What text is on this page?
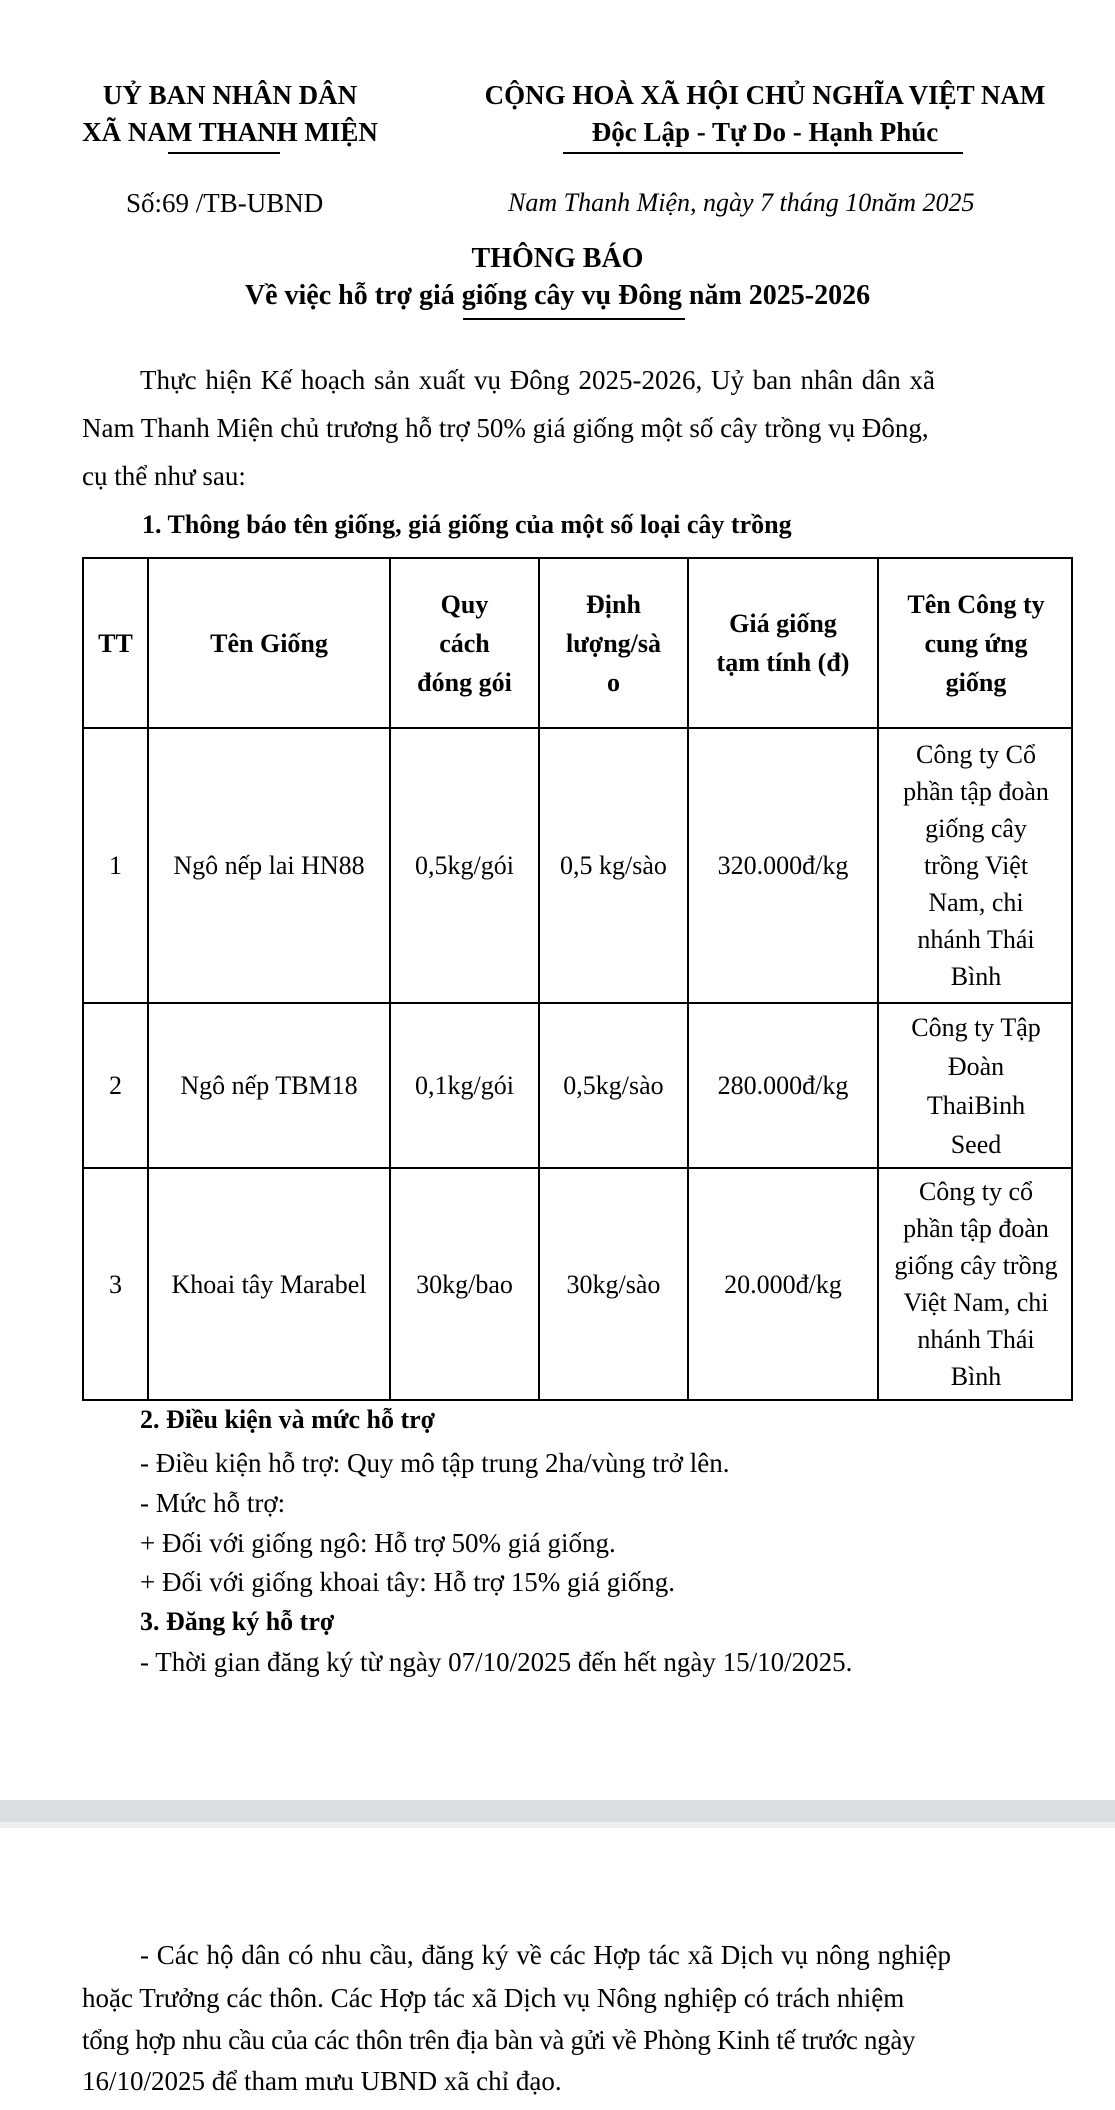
UỶ BAN NHÂN DÂN
XÃ NAM THANH MIỆN
CỘNG HOÀ XÃ HỘI CHỦ NGHĨA VIỆT NAM
Độc Lập - Tự Do - Hạnh Phúc
Số:69 /TB-UBND	Nam Thanh Miện, ngày 7 tháng 10năm 2025
THÔNG BÁO
Về việc hỗ trợ giá giống cây vụ Đông năm 2025-2026
Thực hiện Kế hoạch sản xuất vụ Đông 2025-2026, Uỷ ban nhân dân xã
Nam Thanh Miện chủ trương hỗ trợ 50% giá giống một số cây trồng vụ Đông,
cụ thể như sau:
1. Thông báo tên giống, giá giống của một số loại cây trồng
TT	Tên Giống
Quy
cách
đóng gói
Định
lượng/sà
o
Giá giống
tạm tính (đ)
Tên Công ty
cung ứng
giống
1 Ngô nếp lai HN88 0,5kg/gói 0,5 kg/sào 320.000đ/kg
Công ty Cổ
phần tập đoàn
giống cây
trồng Việt
Nam, chi
nhánh Thái
Bình
2 Ngô nếp TBM18 0,1kg/gói 0,5kg/sào 280.000đ/kg
Công ty Tập
Đoàn
ThaiBinh
Seed
3 Khoai tây Marabel 30kg/bao 30kg/sào 20.000đ/kg
Công ty cổ
phần tập đoàn
giống cây trồng
Việt Nam, chi
nhánh Thái
Bình
2. Điều kiện và mức hỗ trợ
- Điều kiện hỗ trợ: Quy mô tập trung 2ha/vùng trở lên.
- Mức hỗ trợ:
+ Đối với giống ngô: Hỗ trợ 50% giá giống.
+ Đối với giống khoai tây: Hỗ trợ 15% giá giống.
3. Đăng ký hỗ trợ
- Thời gian đăng ký từ ngày 07/10/2025 đến hết ngày 15/10/2025.
- Các hộ dân có nhu cầu, đăng ký về các Hợp tác xã Dịch vụ nông nghiệp
hoặc Trưởng các thôn. Các Hợp tác xã Dịch vụ Nông nghiệp có trách nhiệm
tổng hợp nhu cầu của các thôn trên địa bàn và gửi về Phòng Kinh tế trước ngày
16/10/2025 để tham mưu UBND xã chỉ đạo.
